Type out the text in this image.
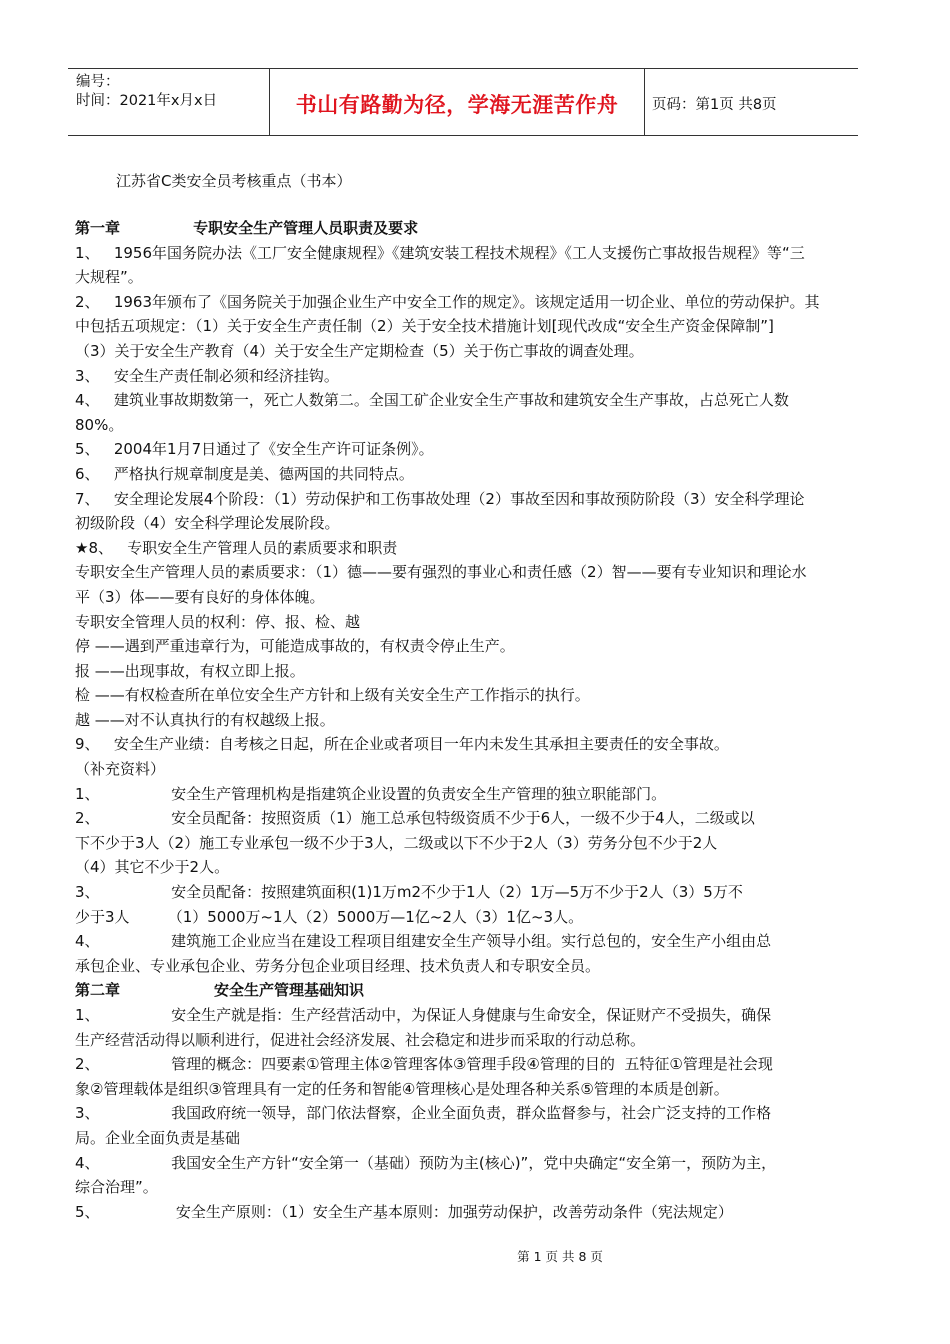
编号：
时间：2021年x月x日	书山有路勤为径，学海无涯苦作舟	页码：第1页 共8页
江苏省C类安全员考核重点（书本）
第一章              专职安全生产管理人员职责及要求
1、   1956年国务院办法《工厂安全健康规程》《建筑安装工程技术规程》《工人支援伤亡事故报告规程》等“三
大规程”。
2、   1963年颁布了《国务院关于加强企业生产中安全工作的规定》。该规定适用一切企业、单位的劳动保护。其
中包括五项规定：（1）关于安全生产责任制（2）关于安全技术措施计划[现代改成“安全生产资金保障制”]
（3）关于安全生产教育（4）关于安全生产定期检查（5）关于伤亡事故的调查处理。
3、   安全生产责任制必须和经济挂钩。
4、   建筑业事故期数第一，死亡人数第二。全国工矿企业安全生产事故和建筑安全生产事故，占总死亡人数
80%。
5、   2004年1月7日通过了《安全生产许可证条例》。
6、   严格执行规章制度是美、德两国的共同特点。
7、   安全理论发展4个阶段：（1）劳动保护和工伤事故处理（2）事故至因和事故预防阶段（3）安全科学理论
初级阶段（4）安全科学理论发展阶段。
★8、   专职安全生产管理人员的素质要求和职责
专职安全生产管理人员的素质要求：（1）德——要有强烈的事业心和责任感（2）智——要有专业知识和理论水
平（3）体——要有良好的身体体魄。
专职安全管理人员的权利：停、报、检、越
停 ——遇到严重违章行为，可能造成事故的，有权责令停止生产。
报 ——出现事故，有权立即上报。
检 ——有权检查所在单位安全生产方针和上级有关安全生产工作指示的执行。
越 ——对不认真执行的有权越级上报。
9、   安全生产业绩：自考核之日起，所在企业或者项目一年内未发生其承担主要责任的安全事故。
（补充资料）
1、               安全生产管理机构是指建筑企业设置的负责安全生产管理的独立职能部门。
2、               安全员配备：按照资质（1）施工总承包特级资质不少于6人，一级不少于4人，二级或以
下不少于3人（2）施工专业承包一级不少于3人，二级或以下不少于2人（3）劳务分包不少于2人
（4）其它不少于2人。
3、               安全员配备：按照建筑面积(1)1万m2不少于1人（2）1万—5万不少于2人（3）5万不
少于3人        （1）5000万~1人（2）5000万—1亿~2人（3）1亿~3人。
4、               建筑施工企业应当在建设工程项目组建安全生产领导小组。实行总包的，安全生产小组由总
承包企业、专业承包企业、劳务分包企业项目经理、技术负责人和专职安全员。
第二章                  安全生产管理基础知识
1、               安全生产就是指：生产经营活动中，为保证人身健康与生命安全，保证财产不受损失，确保
生产经营活动得以顺利进行，促进社会经济发展、社会稳定和进步而采取的行动总称。
2、               管理的概念：四要素①管理主体②管理客体③管理手段④管理的目的  五特征①管理是社会现
象②管理载体是组织③管理具有一定的任务和智能④管理核心是处理各种关系⑤管理的本质是创新。
3、               我国政府统一领导，部门依法督察，企业全面负责，群众监督参与，社会广泛支持的工作格
局。企业全面负责是基础
4、               我国安全生产方针“安全第一（基础）预防为主(核心)”，党中央确定“安全第一，预防为主，
综合治理”。
5、                安全生产原则：（1）安全生产基本原则：加强劳动保护，改善劳动条件（宪法规定）
第 1 页 共 8 页
